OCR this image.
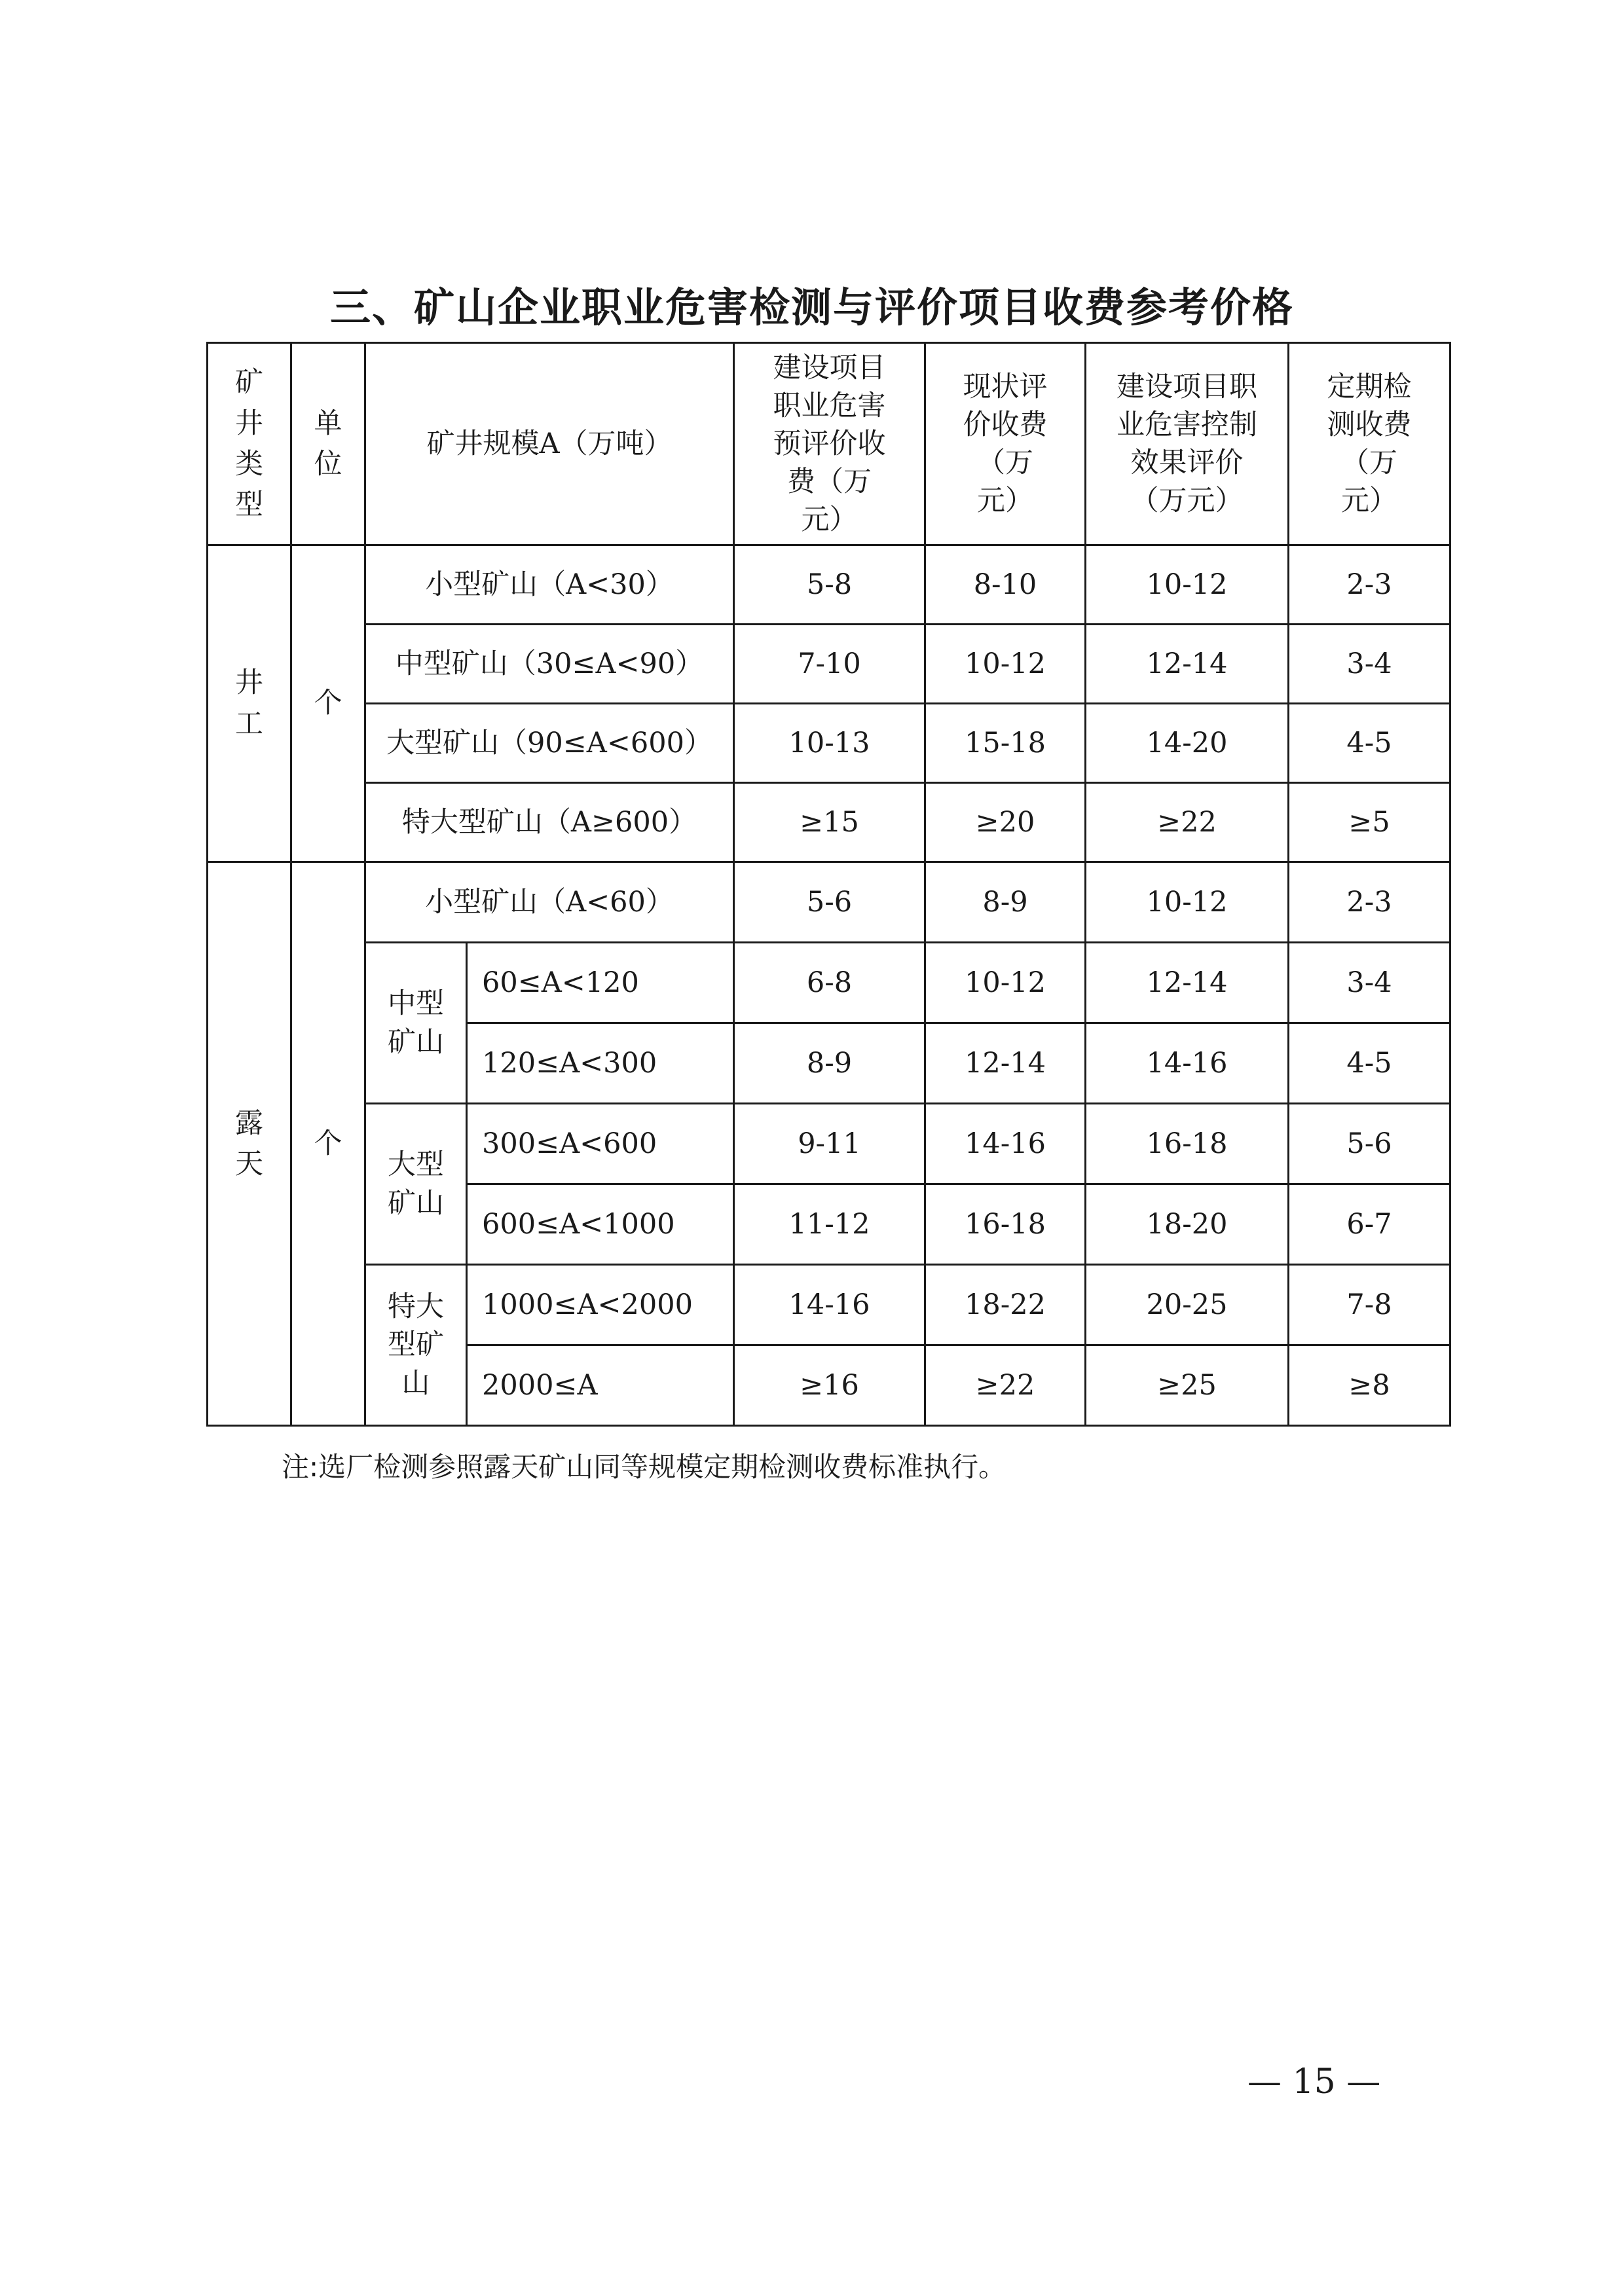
三、矿山企业职业危害检测与评价项目收费参考价格
矿井类型	单位	矿井规模A（万吨）		建设项目职业危害预评价收费（万元）	现状评价收费（万元）	建设项目职业危害控制效果评价（万元）	定期检测收费（万元）

井工	个	小型矿山（A<30）		5-8	8-10	10-12	2-3
		中型矿山（30≤A<90）		7-10	10-12	12-14	3-4
		大型矿山（90≤A<600）		10-13	15-18	14-20	4-5
		特大型矿山（A≥600）		≥15	≥20	≥22	≥5

露天	个	小型矿山（A<60）		5-6	8-9	10-12	2-3

		中型矿山	60≤A<120	6-8	10-12	12-14	3-4
			120≤A<300	8-9	12-14	14-16	4-5

		大型矿山	300≤A<600	9-11	14-16	16-18	5-6
			600≤A<1000	11-12	16-18	18-20	6-7

		特大型矿山	1000≤A<2000	14-16	18-22	20-25	7-8
			2000≤A	≥16	≥22	≥25	≥8
注:选厂检测参照露天矿山同等规模定期检测收费标准执行。
— 15 —
